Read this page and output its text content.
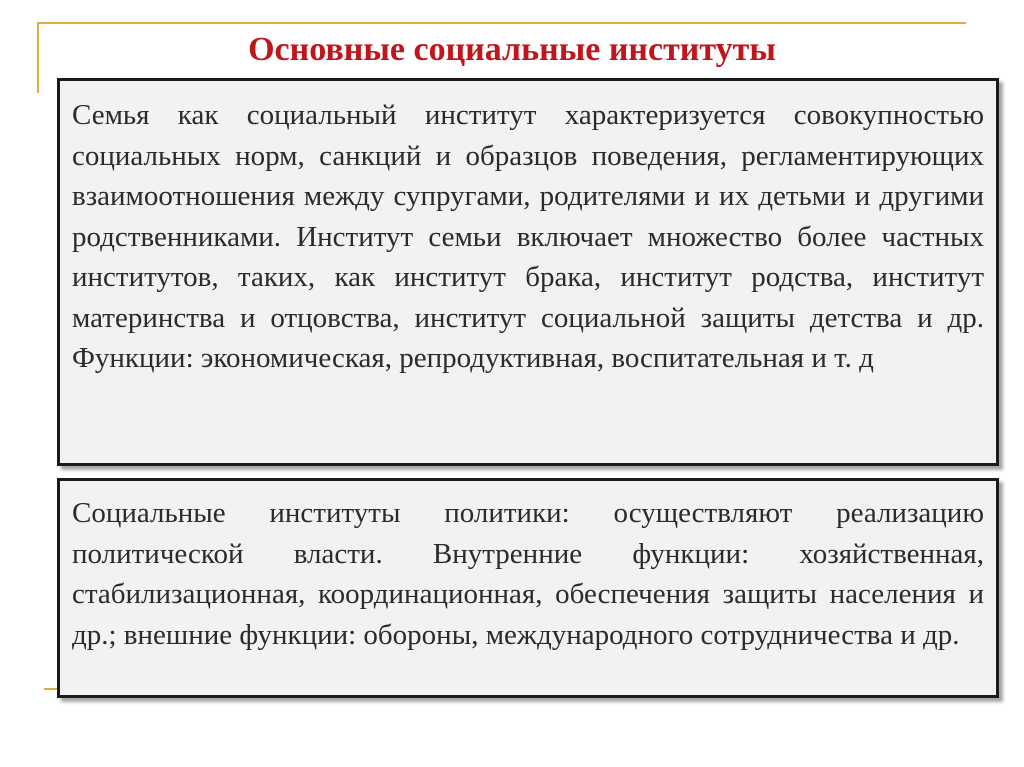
Основные социальные институты

Семья как социальный институт характеризуется совокупностью социальных норм, санкций и образцов поведения, регламентирующих взаимоотношения между супругами, родителями и их детьми и другими родственниками. Институт семьи включает множество более частных институтов, таких, как институт брака, институт родства, институт материнства и отцовства, институт социальной защиты детства и др. Функции: экономическая, репродуктивная, воспитательная и т. д

Социальные институты политики: осуществляют реализацию политической власти. Внутренние функции: хозяйственная, стабилизационная, координационная, обеспечения защиты населения и др.; внешние функции: обороны, международного сотрудничества и др.
